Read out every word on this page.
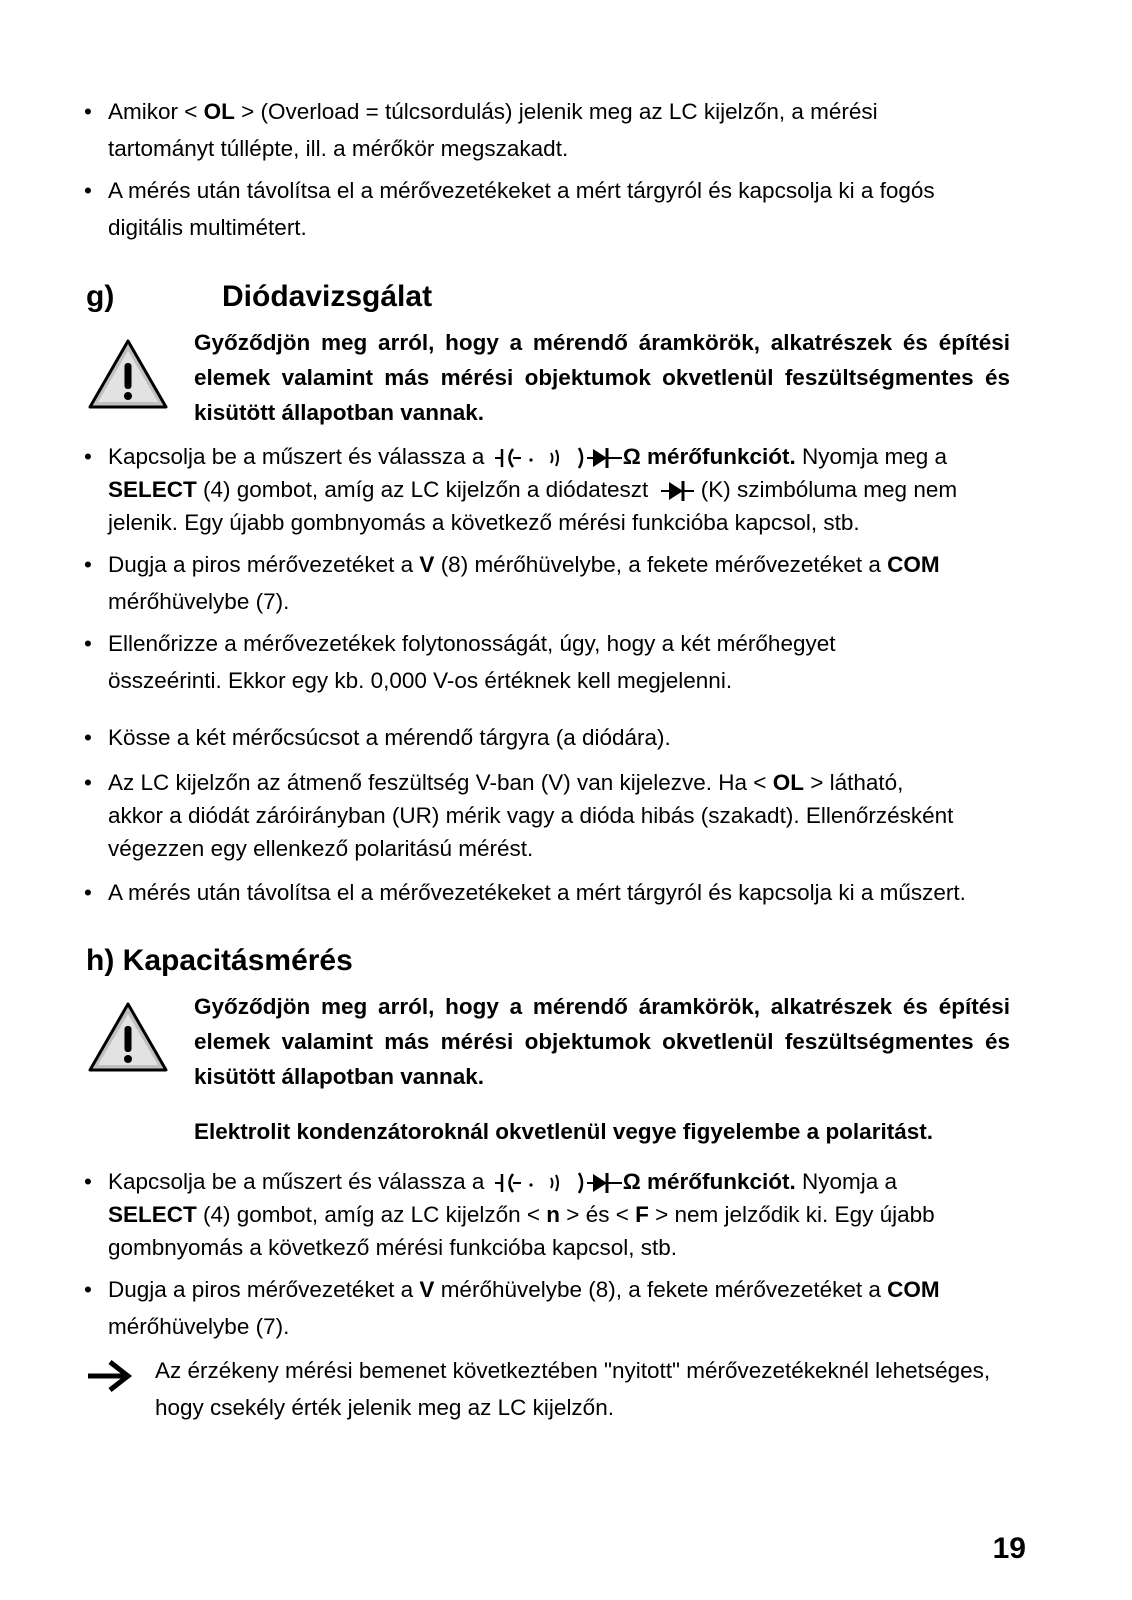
• Amikor < OL > (Overload = túlcsordulás) jelenik meg az LC kijelzőn, a mérési
tartományt túllépte, ill. a mérőkör megszakadt.
• A mérés után távolítsa el a mérővezetékeket a mért tárgyról és kapcsolja ki a fogós
digitális multimétert.
g)	Diódavizsgálat
Győződjön meg arról, hogy a mérendő áramkörök, alkatrészek és építési
elemek valamint más mérési objektumok okvetlenül feszültségmentes és
kisütött állapotban vannak.
• Kapcsolja be a műszert és válassza a	Ω mérőfunkciót. Nyomja meg a
SELECT (4) gombot, amíg az LC kijelzőn a diódateszt  (K) szimbóluma meg nem
jelenik. Egy újabb gombnyomás a következő mérési funkcióba kapcsol, stb.
• Dugja a piros mérővezetéket a V (8) mérőhüvelybe, a fekete mérővezetéket a COM
mérőhüvelybe (7).
• Ellenőrizze a mérővezetékek folytonosságát, úgy, hogy a két mérőhegyet
összeérinti. Ekkor egy kb. 0,000 V-os értéknek kell megjelenni.
• Kösse a két mérőcsúcsot a mérendő tárgyra (a diódára).
• Az LC kijelzőn az átmenő feszültség V-ban (V) van kijelezve. Ha < OL > látható,
akkor a diódát záróirányban (UR) mérik vagy a dióda hibás (szakadt). Ellenőrzésként
végezzen egy ellenkező polaritású mérést.
• A mérés után távolítsa el a mérővezetékeket a mért tárgyról és kapcsolja ki a műszert.
h) Kapacitásmérés
Győződjön meg arról, hogy a mérendő áramkörök, alkatrészek és építési
elemek valamint más mérési objektumok okvetlenül feszültségmentes és
kisütött állapotban vannak.
Elektrolit kondenzátoroknál okvetlenül vegye figyelembe a polaritást.
• Kapcsolja be a műszert és válassza a	Ω mérőfunkciót. Nyomja a
SELECT (4) gombot, amíg az LC kijelzőn < n > és < F > nem jelződik ki. Egy újabb
gombnyomás a következő mérési funkcióba kapcsol, stb.
• Dugja a piros mérővezetéket a V mérőhüvelybe (8), a fekete mérővezetéket a COM
mérőhüvelybe (7).
Az érzékeny mérési bemenet következtében "nyitott" mérővezetékeknél lehetséges,
hogy csekély érték jelenik meg az LC kijelzőn.
19
